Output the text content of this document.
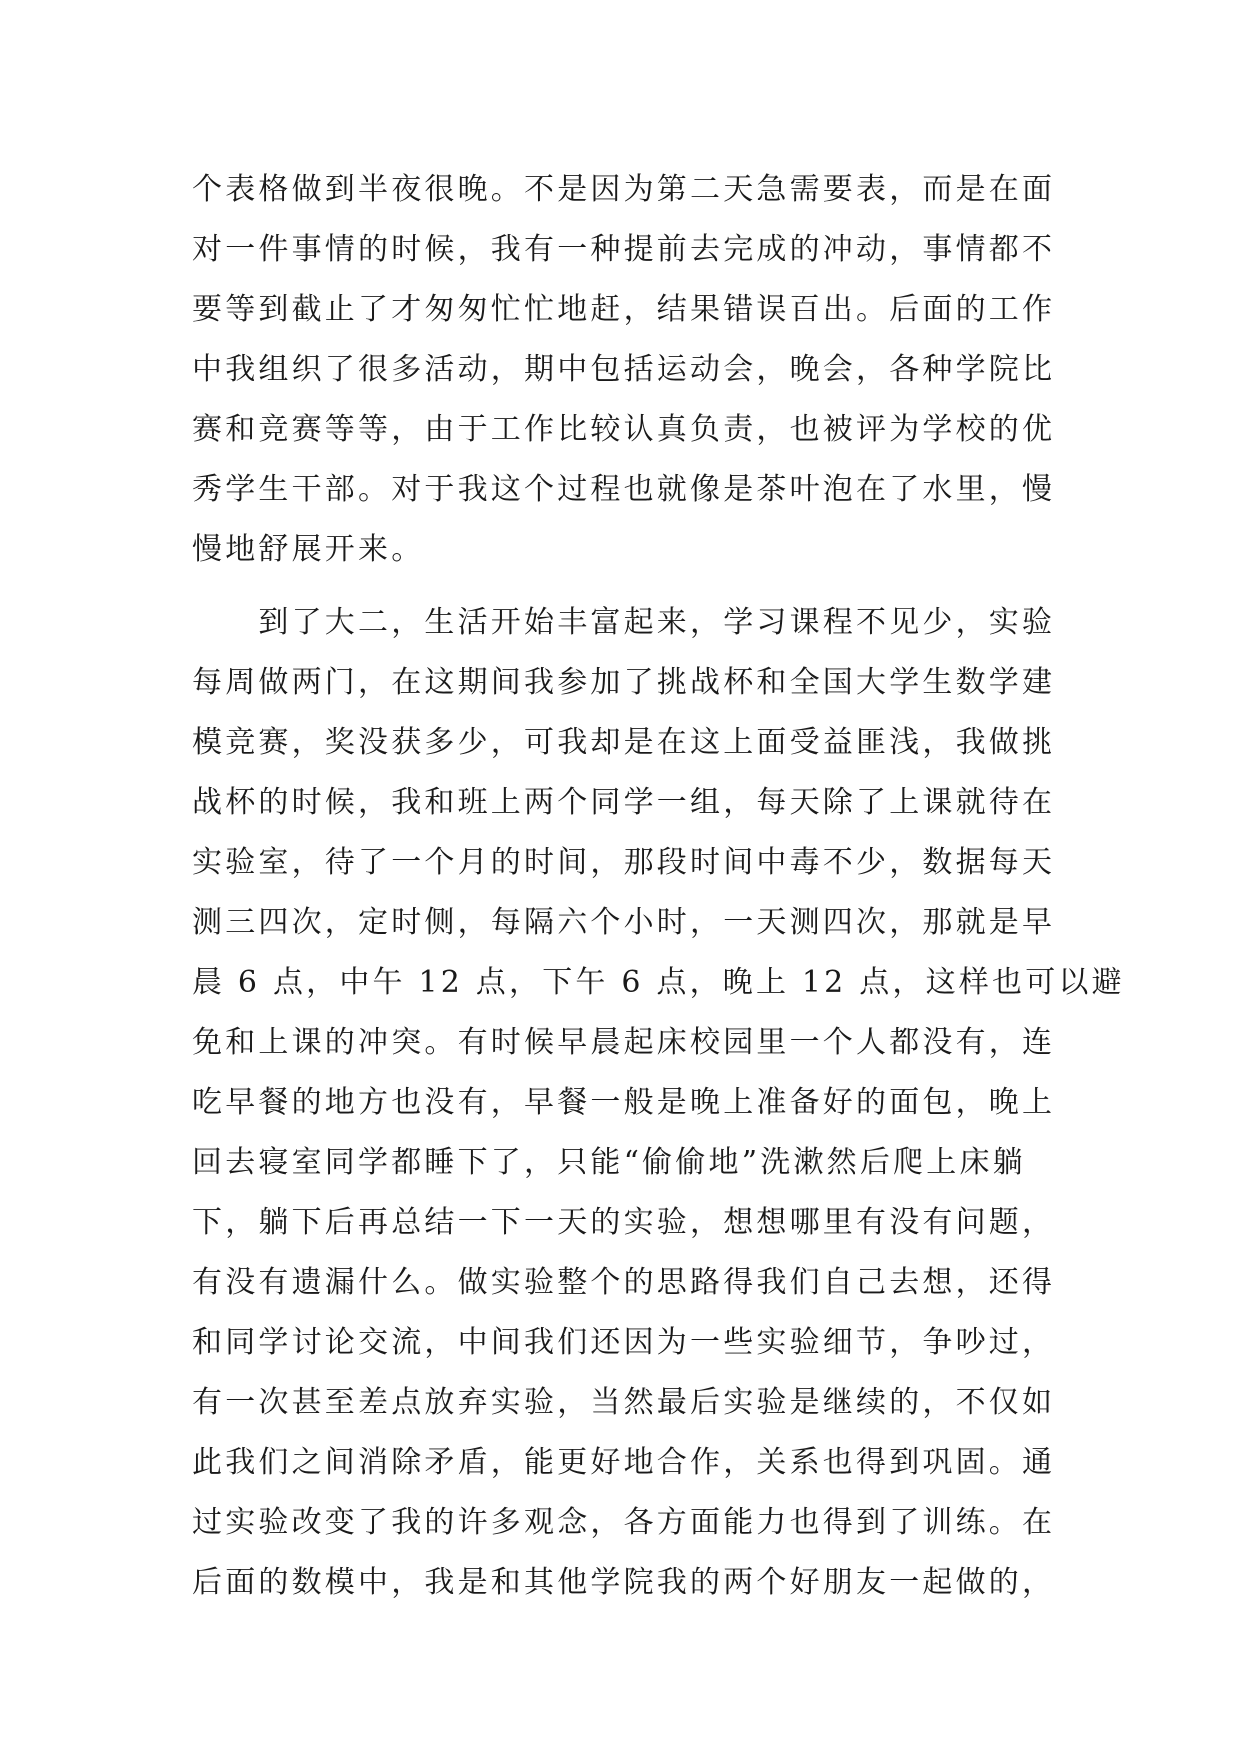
个表格做到半夜很晚。不是因为第二天急需要表，而是在面
对一件事情的时候，我有一种提前去完成的冲动，事情都不
要等到截止了才匆匆忙忙地赶，结果错误百出。后面的工作
中我组织了很多活动，期中包括运动会，晚会，各种学院比
赛和竞赛等等，由于工作比较认真负责，也被评为学校的优
秀学生干部。对于我这个过程也就像是茶叶泡在了水里，慢
慢地舒展开来。
　　到了大二，生活开始丰富起来，学习课程不见少，实验
每周做两门，在这期间我参加了挑战杯和全国大学生数学建
模竞赛，奖没获多少，可我却是在这上面受益匪浅，我做挑
战杯的时候，我和班上两个同学一组，每天除了上课就待在
实验室，待了一个月的时间，那段时间中毒不少，数据每天
测三四次，定时侧，每隔六个小时，一天测四次，那就是早
晨 6 点，中午 12 点，下午 6 点，晚上 12 点，这样也可以避
免和上课的冲突。有时候早晨起床校园里一个人都没有，连
吃早餐的地方也没有，早餐一般是晚上准备好的面包，晚上
回去寝室同学都睡下了，只能“偷偷地”洗漱然后爬上床躺
下，躺下后再总结一下一天的实验，想想哪里有没有问题，
有没有遗漏什么。做实验整个的思路得我们自己去想，还得
和同学讨论交流，中间我们还因为一些实验细节，争吵过，
有一次甚至差点放弃实验，当然最后实验是继续的，不仅如
此我们之间消除矛盾，能更好地合作，关系也得到巩固。通
过实验改变了我的许多观念，各方面能力也得到了训练。在
后面的数模中，我是和其他学院我的两个好朋友一起做的，
